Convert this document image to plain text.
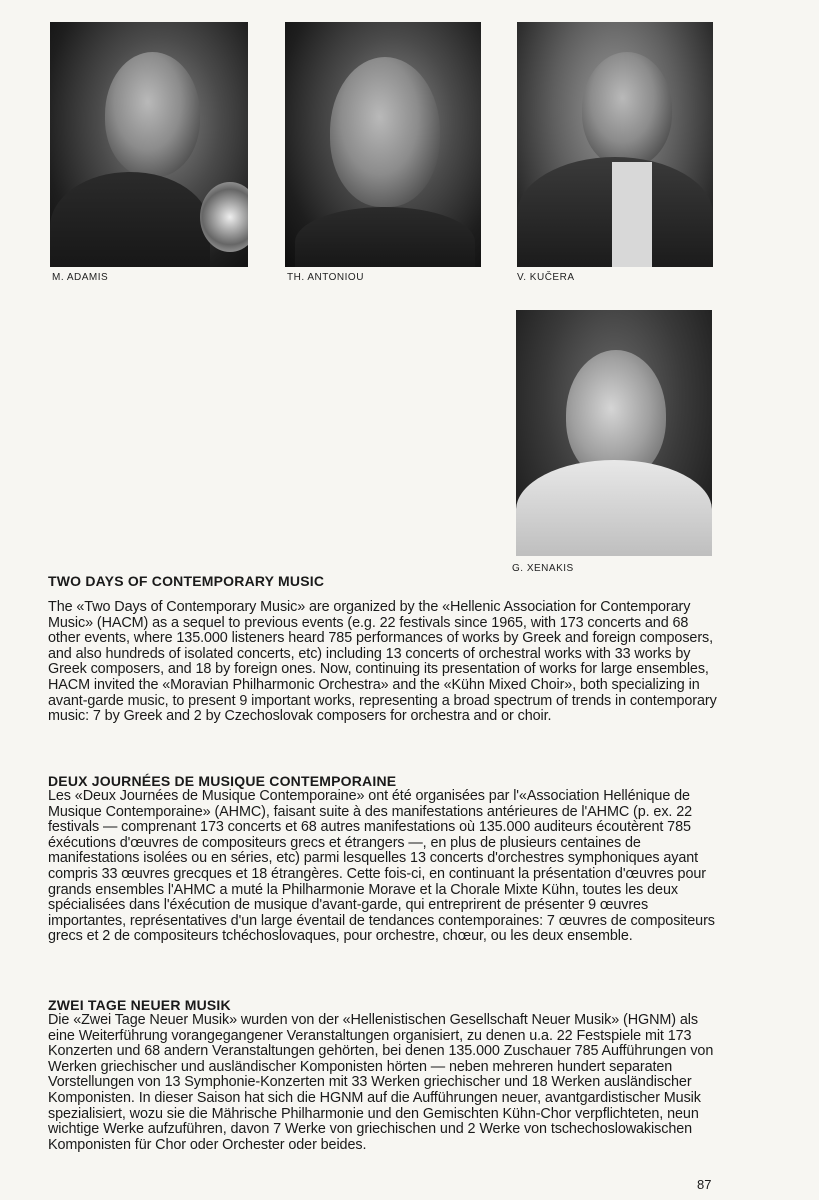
M. ADAMIS	TH. ANTONIOU	V. KUČERA
G. XENAKIS
TWO DAYS OF CONTEMPORARY MUSIC

The «Two Days of Contemporary Music» are organized by the «Hellenic Association for Contemporary Music» (HACM) as a sequel to previous events (e.g. 22 festivals since 1965, with 173 concerts and 68 other events, where 135.000 listeners heard 785 performances of works by Greek and foreign composers, and also hundreds of isolated concerts, etc) including 13 concerts of orchestral works with 33 works by Greek composers, and 18 by foreign ones. Now, continuing its presentation of works for large ensembles, HACM invited the «Moravian Philharmonic Orchestra» and the «Kühn Mixed Choir», both specializing in avant-garde music, to present 9 important works, representing a broad spectrum of trends in contemporary music: 7 by Greek and 2 by Czechoslovak composers for orchestra and or choir.

DEUX JOURNÉES DE MUSIQUE CONTEMPORAINE

Les «Deux Journées de Musique Contemporaine» ont été organisées par l'«Association Hellénique de Musique Contemporaine» (AHMC), faisant suite à des manifestations antérieures de l'AHMC (p. ex. 22 festivals — comprenant 173 concerts et 68 autres manifestations où 135.000 auditeurs écoutèrent 785 éxécutions d'œuvres de compositeurs grecs et étrangers —, en plus de plusieurs centaines de manifestations isolées ou en séries, etc) parmi lesquelles 13 concerts d'orchestres symphoniques ayant compris 33 œuvres grecques et 18 étrangères. Cette fois-ci, en continuant la présentation d'œuvres pour grands ensembles l'AHMC a muté la Philharmonie Morave et la Chorale Mixte Kühn, toutes les deux spécialisées dans l'éxécution de musique d'avant-garde, qui entreprirent de présenter 9 œuvres importantes, représentatives d'un large éventail de tendances contemporaines: 7 œuvres de compositeurs grecs et 2 de compositeurs tchéchoslovaques, pour orchestre, chœur, ou les deux ensemble.

ZWEI TAGE NEUER MUSIK

Die «Zwei Tage Neuer Musik» wurden von der «Hellenistischen Gesellschaft Neuer Musik» (HGNM) als eine Weiterführung vorangegangener Veranstaltungen organisiert, zu denen u.a. 22 Festspiele mit 173 Konzerten und 68 andern Veranstaltungen gehörten, bei denen 135.000 Zuschauer 785 Aufführungen von Werken griechischer und ausländischer Komponisten hörten — neben mehreren hundert separaten Vorstellungen von 13 Symphonie-Konzerten mit 33 Werken griechischer und 18 Werken ausländischer Komponisten. In dieser Saison hat sich die HGNM auf die Aufführungen neuer, avantgardistischer Musik spezialisiert, wozu sie die Mährische Philharmonie und den Gemischten Kühn-Chor verpflichteten, neun wichtige Werke aufzuführen, davon 7 Werke von griechischen und 2 Werke von tschechoslowakischen Komponisten für Chor oder Orchester oder beides.

87
